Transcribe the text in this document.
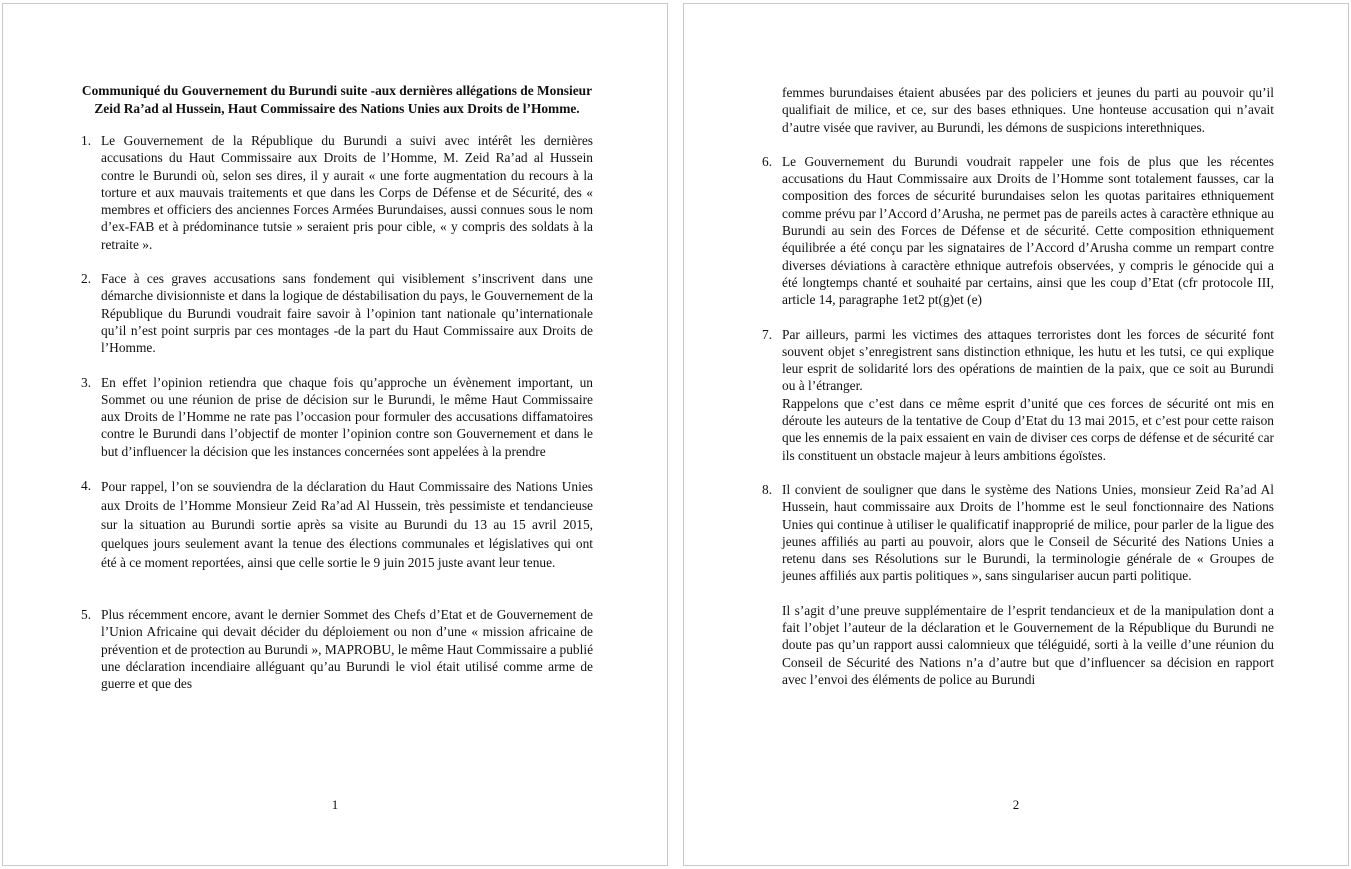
Communiqué du Gouvernement du Burundi suite -aux dernières allégations de Monsieur Zeid Ra’ad al Hussein, Haut Commissaire des Nations Unies aux Droits de l’Homme.
1. Le Gouvernement de la République du Burundi a suivi avec intérêt les dernières accusations du Haut Commissaire aux Droits de l’Homme, M. Zeid Ra’ad al Hussein contre le Burundi où, selon ses dires, il y aurait « une forte augmentation du recours à la torture et aux mauvais traitements et que dans les Corps de Défense et de Sécurité, des « membres et officiers des anciennes Forces Armées Burundaises, aussi connues sous le nom d’ex-FAB et à prédominance tutsie » seraient pris pour cible, « y compris des soldats à la retraite ».
2. Face à ces graves accusations sans fondement qui visiblement s’inscrivent dans une démarche divisionniste et dans la logique de déstabilisation du pays, le Gouvernement de la République du Burundi voudrait faire savoir à l’opinion tant nationale qu’internationale qu’il n’est point surpris par ces montages -de la part du Haut Commissaire aux Droits de l’Homme.
3. En effet l’opinion retiendra que chaque fois qu’approche un évènement important, un Sommet ou une réunion de prise de décision sur le Burundi, le même Haut Commissaire aux Droits de l’Homme ne rate pas l’occasion pour formuler des accusations diffamatoires contre le Burundi dans l’objectif de monter l’opinion contre son Gouvernement et dans le but d’influencer la décision que les instances concernées sont appelées à la prendre
4. Pour rappel, l’on se souviendra de la déclaration du Haut Commissaire des Nations Unies aux Droits de l’Homme Monsieur Zeid Ra’ad Al Hussein, très pessimiste et tendancieuse sur la situation au Burundi sortie après sa visite au Burundi du 13 au 15 avril 2015, quelques jours seulement avant la tenue des élections communales et législatives qui ont été à ce moment reportées, ainsi que celle sortie le 9 juin 2015 juste avant leur tenue.
5. Plus récemment encore, avant le dernier Sommet des Chefs d’Etat et de Gouvernement de l’Union Africaine qui devait décider du déploiement ou non d’une « mission africaine de prévention et de protection au Burundi », MAPROBU, le même Haut Commissaire a publié une déclaration incendiaire alléguant qu’au Burundi le viol était utilisé comme arme de guerre et que des
1
femmes burundaises étaient abusées par des policiers et jeunes du parti au pouvoir qu’il qualifiait de milice, et ce, sur des bases ethniques. Une honteuse accusation qui n’avait d’autre visée que raviver, au Burundi, les démons de suspicions interethniques.
6. Le Gouvernement du Burundi voudrait rappeler une fois de plus que les récentes accusations du Haut Commissaire aux Droits de l’Homme sont totalement fausses, car la composition des forces de sécurité burundaises selon les quotas paritaires ethniquement comme prévu par l’Accord d’Arusha, ne permet pas de pareils actes à caractère ethnique au Burundi au sein des Forces de Défense et de sécurité. Cette composition ethniquement équilibrée a été conçu par les signataires de l’Accord d’Arusha comme un rempart contre diverses déviations à caractère ethnique autrefois observées, y compris le génocide qui a été longtemps chanté et souhaité par certains, ainsi que les coup d’Etat (cfr protocole III, article 14, paragraphe 1et2 pt(g)et (e)
7. Par ailleurs, parmi les victimes des attaques terroristes dont les forces de sécurité font souvent objet s’enregistrent sans distinction ethnique, les hutu et les tutsi, ce qui explique leur esprit de solidarité lors des opérations de maintien de la paix, que ce soit au Burundi ou à l’étranger.
Rappelons que c’est dans ce même esprit d’unité que ces forces de sécurité ont mis en déroute les auteurs de la tentative de Coup d’Etat du 13 mai 2015, et c’est pour cette raison que les ennemis de la paix essaient en vain de diviser ces corps de défense et de sécurité car ils constituent un obstacle majeur à leurs ambitions égoïstes.
8. Il convient de souligner que dans le système des Nations Unies, monsieur Zeid Ra’ad Al Hussein, haut commissaire aux Droits de l’homme est le seul fonctionnaire des Nations Unies qui continue à utiliser le qualificatif inapproprié de milice, pour parler de la ligue des jeunes affiliés au parti au pouvoir, alors que le Conseil de Sécurité des Nations Unies a retenu dans ses Résolutions sur le Burundi, la terminologie générale de « Groupes de jeunes affiliés aux partis politiques », sans singulariser aucun parti politique.
Il s’agit d’une preuve supplémentaire de l’esprit tendancieux et de la manipulation dont a fait l’objet l’auteur de la déclaration et le Gouvernement de la République du Burundi ne doute pas qu’un rapport aussi calomnieux que téléguidé, sorti à la veille d’une réunion du Conseil de Sécurité des Nations n’a d’autre but que d’influencer sa décision en rapport avec l’envoi des éléments de police au Burundi
2
